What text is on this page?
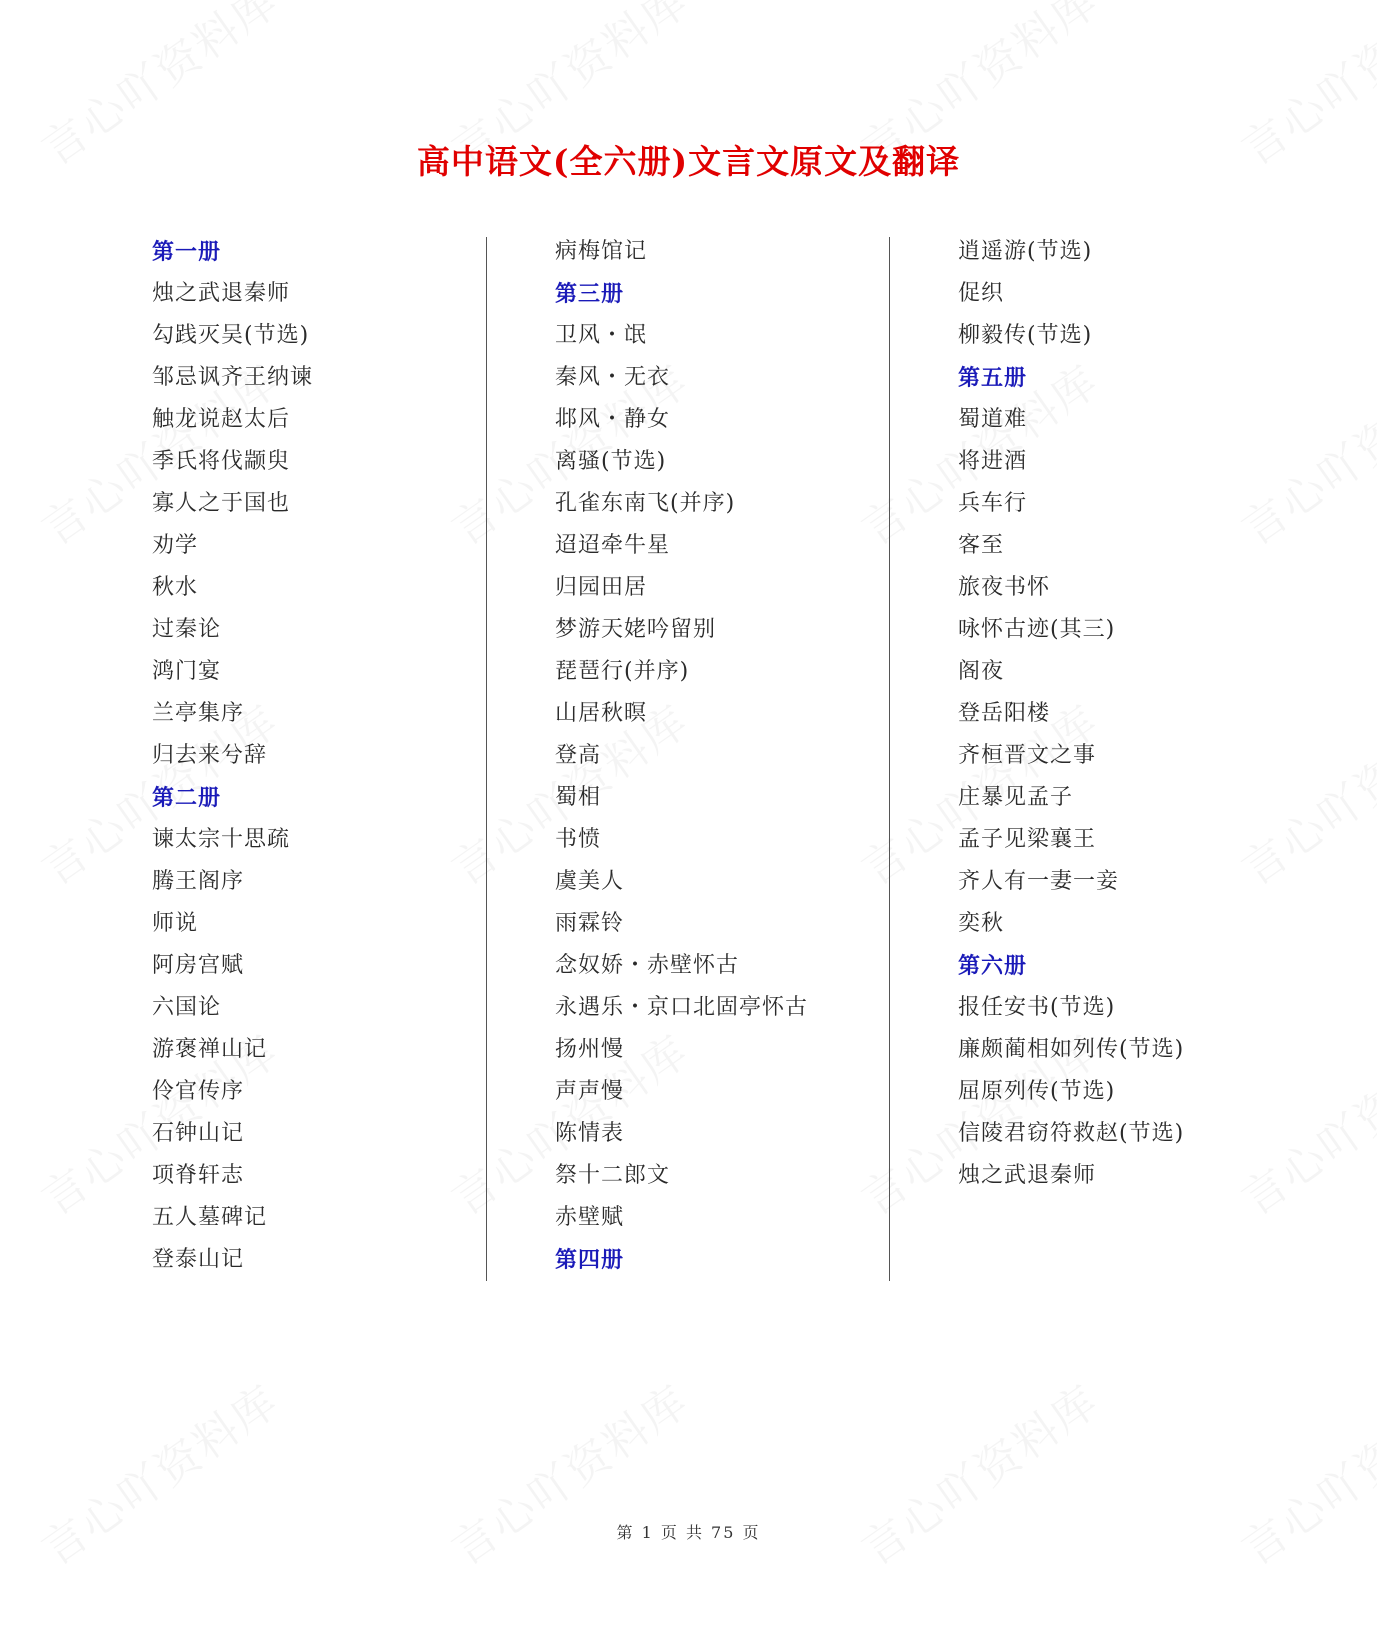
高中语文(全六册)文言文原文及翻译
第一册
烛之武退秦师
勾践灭吴(节选)
邹忌讽齐王纳谏
触龙说赵太后
季氏将伐颛臾
寡人之于国也
劝学
秋水
过秦论
鸿门宴
兰亭集序
归去来兮辞
第二册
谏太宗十思疏
腾王阁序
师说
阿房宫赋
六国论
游褒禅山记
伶官传序
石钟山记
项脊轩志
五人墓碑记
登泰山记
病梅馆记
第三册
卫风・氓
秦风・无衣
邶风・静女
离骚(节选)
孔雀东南飞(并序)
迢迢牵牛星
归园田居
梦游天姥吟留别
琵琶行(并序)
山居秋暝
登高
蜀相
书愤
虞美人
雨霖铃
念奴娇・赤壁怀古
永遇乐・京口北固亭怀古
扬州慢
声声慢
陈情表
祭十二郎文
赤壁赋
第四册
逍遥游(节选)
促织
柳毅传(节选)
第五册
蜀道难
将进酒
兵车行
客至
旅夜书怀
咏怀古迹(其三)
阁夜
登岳阳楼
齐桓晋文之事
庄暴见孟子
孟子见梁襄王
齐人有一妻一妾
奕秋
第六册
报任安书(节选)
廉颇蔺相如列传(节选)
屈原列传(节选)
信陵君窃符救赵(节选)
烛之武退秦师

第 1 页 共 75 页
